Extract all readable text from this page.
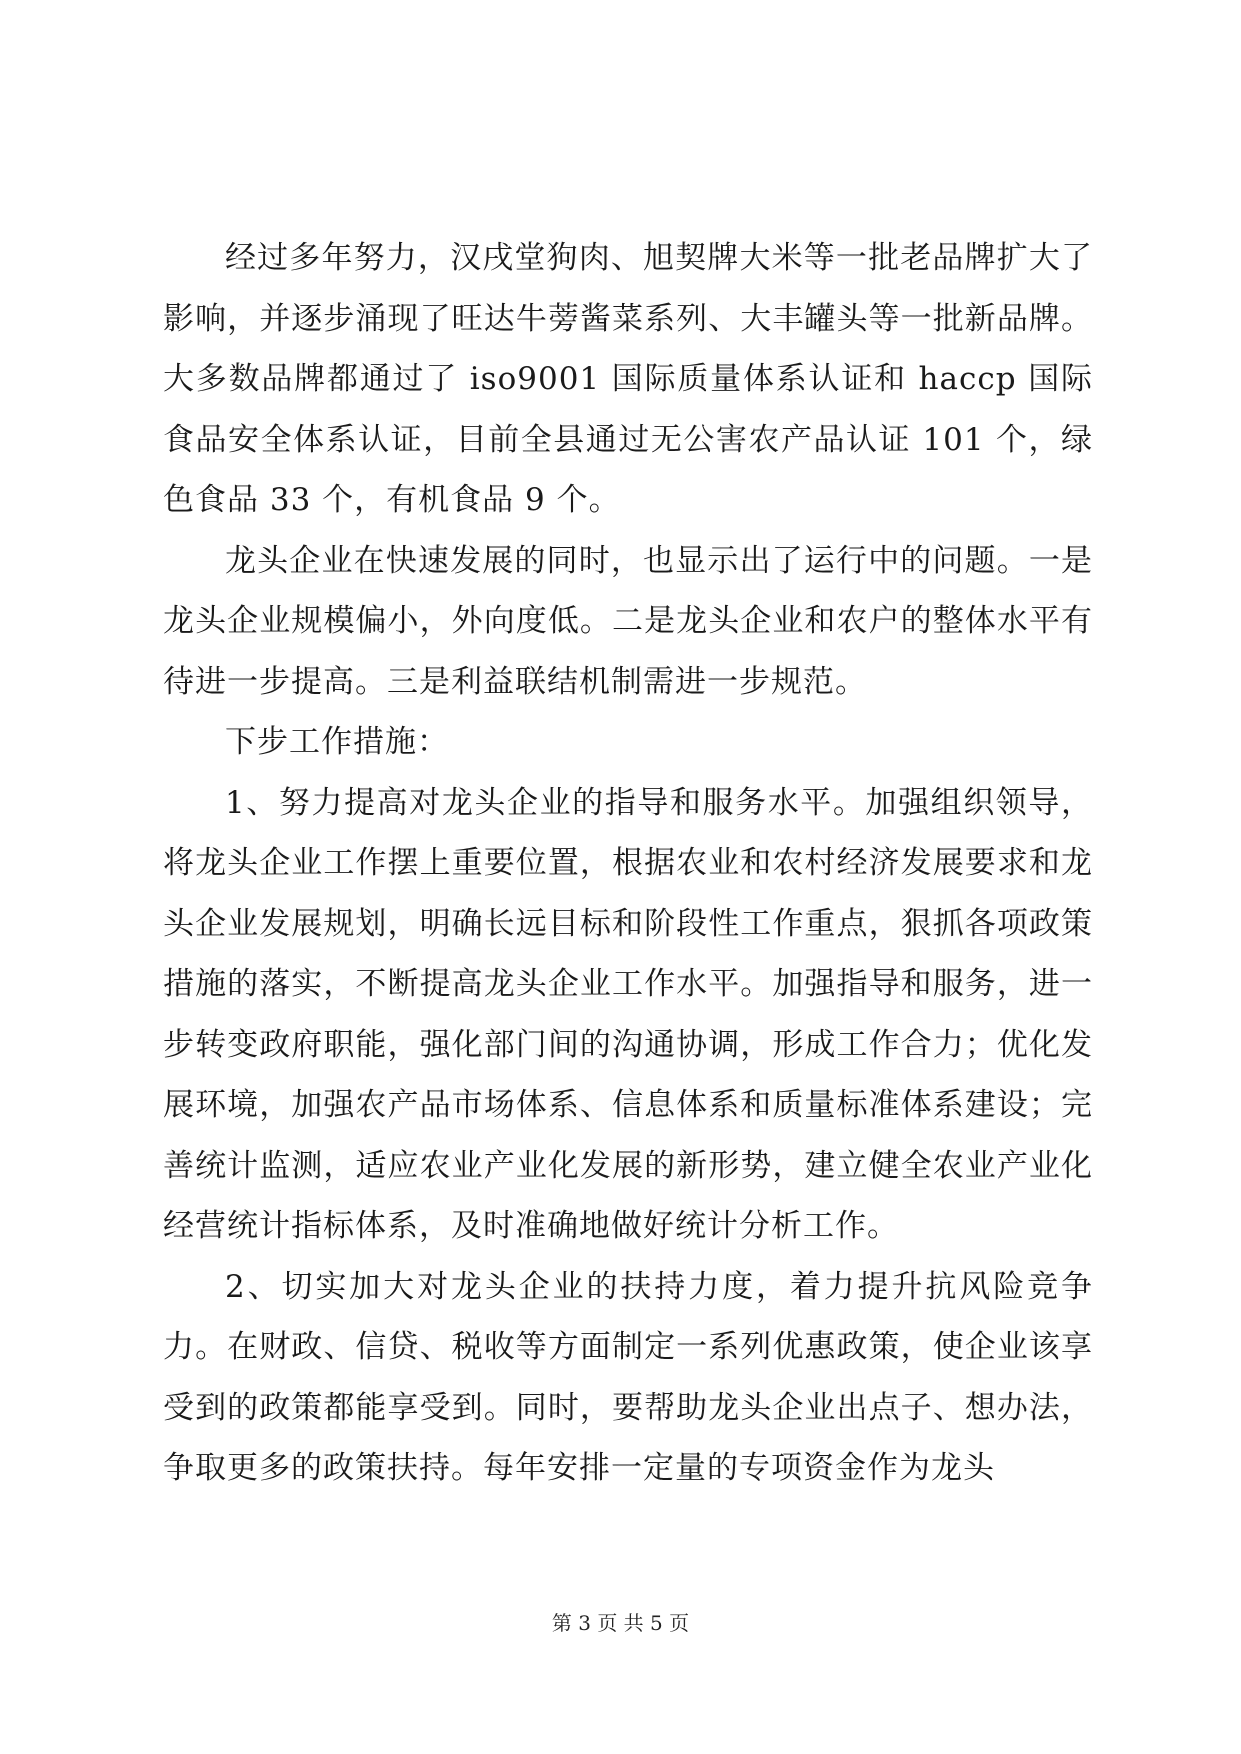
经过多年努力，汉戌堂狗肉、旭契牌大米等一批老品牌扩大了影响，并逐步涌现了旺达牛蒡酱菜系列、大丰罐头等一批新品牌。大多数品牌都通过了 iso9001 国际质量体系认证和 haccp 国际食品安全体系认证，目前全县通过无公害农产品认证 101 个，绿色食品 33 个，有机食品 9 个。

龙头企业在快速发展的同时，也显示出了运行中的问题。一是龙头企业规模偏小，外向度低。二是龙头企业和农户的整体水平有待进一步提高。三是利益联结机制需进一步规范。

下步工作措施：

1、努力提高对龙头企业的指导和服务水平。加强组织领导，将龙头企业工作摆上重要位置，根据农业和农村经济发展要求和龙头企业发展规划，明确长远目标和阶段性工作重点，狠抓各项政策措施的落实，不断提高龙头企业工作水平。加强指导和服务，进一步转变政府职能，强化部门间的沟通协调，形成工作合力；优化发展环境，加强农产品市场体系、信息体系和质量标准体系建设；完善统计监测，适应农业产业化发展的新形势，建立健全农业产业化经营统计指标体系，及时准确地做好统计分析工作。

2、切实加大对龙头企业的扶持力度，着力提升抗风险竞争力。在财政、信贷、税收等方面制定一系列优惠政策，使企业该享受到的政策都能享受到。同时，要帮助龙头企业出点子、想办法，争取更多的政策扶持。每年安排一定量的专项资金作为龙头

第 3 页 共 5 页
